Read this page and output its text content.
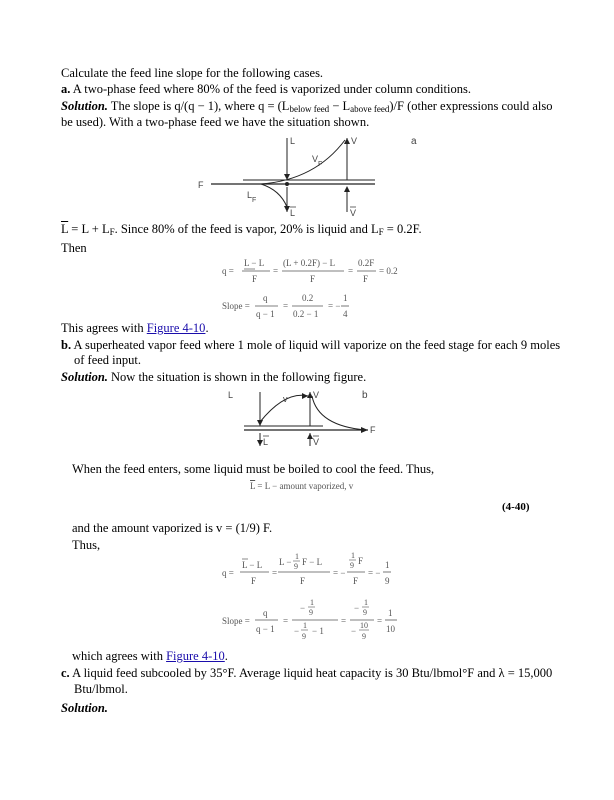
Calculate the feed line slope for the following cases.
a. A two-phase feed where 80% of the feed is vaporized under column conditions.
Solution. The slope is q/(q − 1), where $q = (L_{below feed} - L_{above feed})/F$ (other expressions could also
be used). With a two-phase feed we have the situation shown.
F
L	V
V
F
L
F
L	V
a
$\overline{L} = L + L_F$. Since 80% of the feed is vapor, 20% is liquid and $L_F = 0.2F$.
Then
q =
L − L
F
=
(L + 0.2F) − L
F
=
0.2F
F
= 0.2
Slope =
q
q − 1
=
0.2
0.2 − 1
= −
1
4
This agrees with Figure 4-10.
b. A superheated vapor feed where 1 mole of liquid will vaporize on the feed stage for each 9 moles
of feed input.
Solution. Now the situation is shown in the following figure.
L	v	V	b
F
L	V
When the feed enters, some liquid must be boiled to cool the feed. Thus,
$\overline{L} = L$ − amount vaporized, v
(4-40)
and the amount vaporized is v = (1/9) F.
Thus,
q =
L − L
F
=
L −
1
9 F − L
F
= −
1
9 F
F
= −
1
9
Slope =
q
q − 1
=
−
1
9
−
1
9
− 1
=
−
1
9
−
10
9
=
1
10
which agrees with Figure 4-10.
c. A liquid feed subcooled by 35°F. Average liquid heat capacity is 30 Btu/lbmol°F and λ = 15,000
Btu/lbmol.
Solution.
